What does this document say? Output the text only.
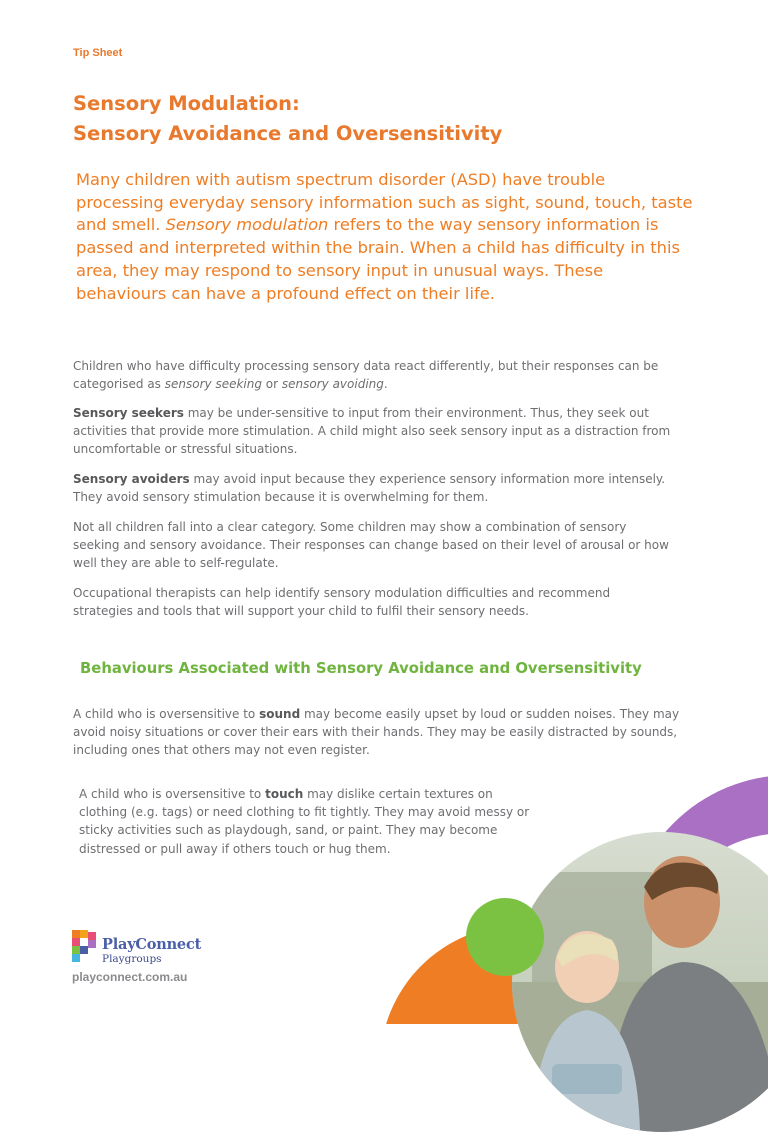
Tip Sheet
Sensory Modulation:
Sensory Avoidance and Oversensitivity

Many children with autism spectrum disorder (ASD) have trouble processing everyday sensory information such as sight, sound, touch, taste and smell. Sensory modulation refers to the way sensory information is passed and interpreted within the brain. When a child has difficulty in this area, they may respond to sensory input in unusual ways. These behaviours can have a profound effect on their life.

Children who have difficulty processing sensory data react differently, but their responses can be categorised as sensory seeking or sensory avoiding.

Sensory seekers may be under-sensitive to input from their environment. Thus, they seek out activities that provide more stimulation. A child might also seek sensory input as a distraction from uncomfortable or stressful situations.

Sensory avoiders may avoid input because they experience sensory information more intensely. They avoid sensory stimulation because it is overwhelming for them.

Not all children fall into a clear category. Some children may show a combination of sensory seeking and sensory avoidance. Their responses can change based on their level of arousal or how well they are able to self-regulate.

Occupational therapists can help identify sensory modulation difficulties and recommend strategies and tools that will support your child to fulfil their sensory needs.

Behaviours Associated with Sensory Avoidance and Oversensitivity

A child who is oversensitive to sound may become easily upset by loud or sudden noises. They may avoid noisy situations or cover their ears with their hands. They may be easily distracted by sounds, including ones that others may not even register.

A child who is oversensitive to touch may dislike certain textures on clothing (e.g. tags) or need clothing to fit tightly. They may avoid messy or sticky activities such as playdough, sand, or paint. They may become distressed or pull away if others touch or hug them.

PlayConnect
Playgroups
playconnect.com.au
